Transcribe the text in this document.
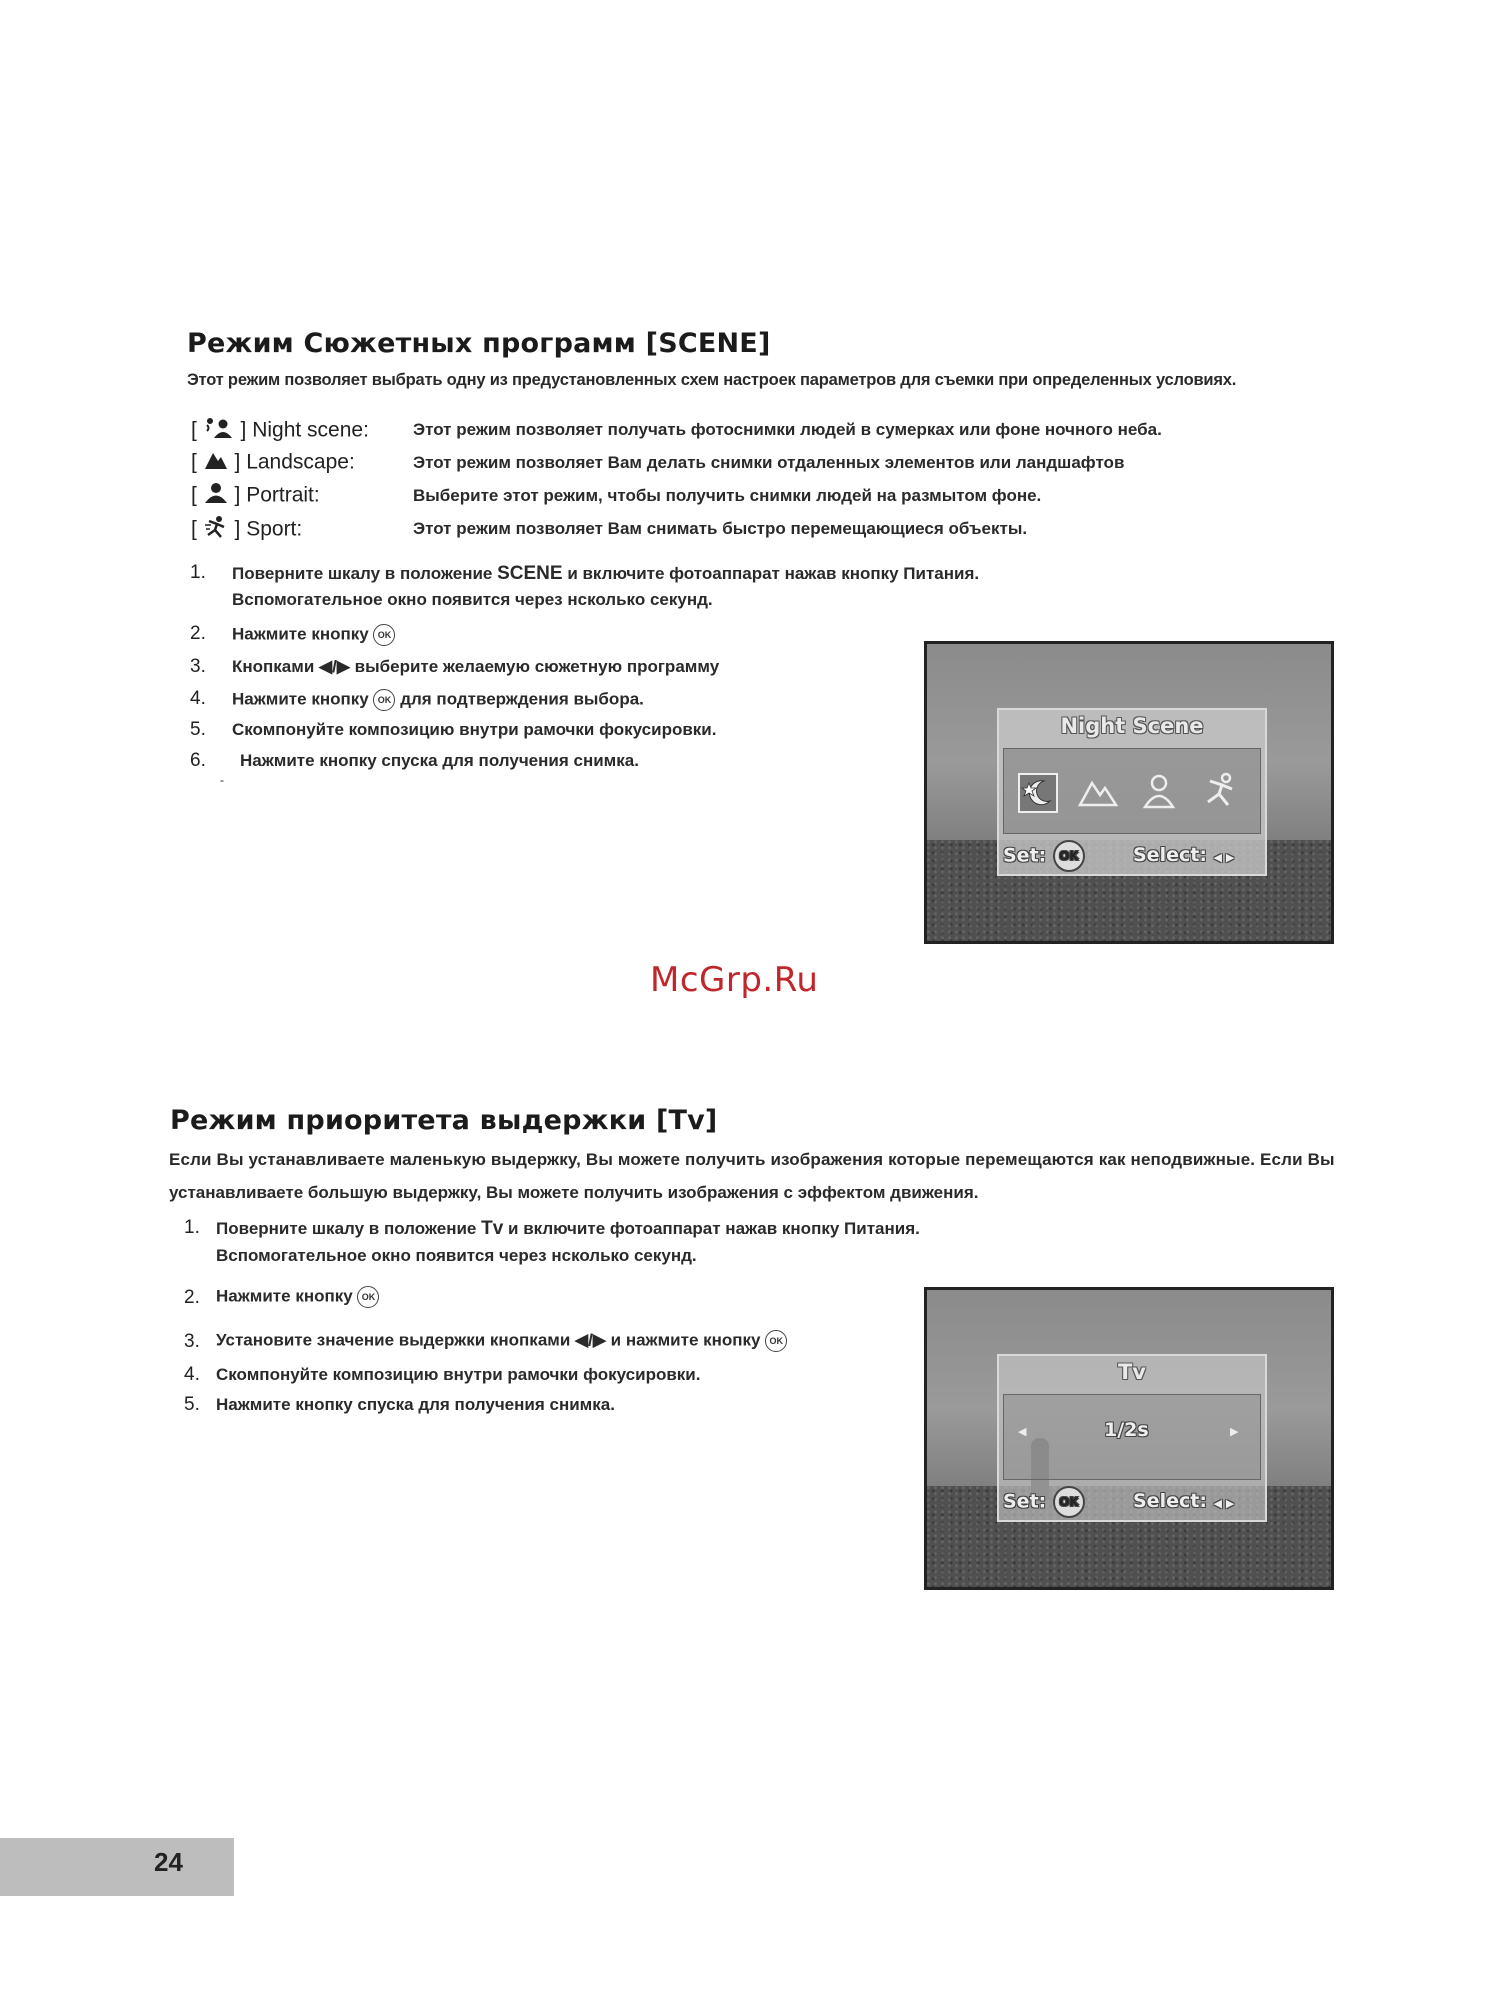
Режим Сюжетных программ [SCENE]
Этот режим позволяет выбрать одну из предустановленных схем настроек параметров для съемки при определенных условиях.
[ ] Night scene:	Этот режим позволяет получать фотоснимки людей в сумерках или фоне ночного неба.
[ ] Landscape:	Этот режим позволяет Вам делать снимки отдаленных элементов или ландшафтов
[ ] Portrait:	Выберите этот режим, чтобы получить снимки людей на размытом фоне.
[ ] Sport:	Этот режим позволяет Вам снимать быстро перемещающиеся объекты.
1. Поверните шкалу в положение SCENE и включите фотоаппарат нажав кнопку Питания.
Вспомогательное окно появится через нсколько секунд.
2. Нажмите кнопку OK
3. Кнопками ◀/▶ выберите желаемую сюжетную программу
4. Нажмите кнопку OK для подтверждения выбора.
5. Скомпонуйте композицию внутри рамочки фокусировки.
6. Нажмите кнопку спуска для получения снимка.
-
Night Scene
Set: OK	Select: ◀ ▶
McGrp.Ru
Режим приоритета выдержки [Tv]
Если Вы устанавливаете маленькую выдержку, Вы можете получить изображения которые перемещаются как неподвижные. Если Вы
устанавливаете большую выдержку, Вы можете получить изображения с эффектом движения.
1. Поверните шкалу в положение Tv и включите фотоаппарат нажав кнопку Питания.
Вспомогательное окно появится через нсколько секунд.
2. Нажмите кнопку OK
3. Установите значение выдержки кнопками ◀/▶ и нажмите кнопку OK
4. Скомпонуйте композицию внутри рамочки фокусировки.
5. Нажмите кнопку спуска для получения снимка.
Tv
◀	1/2s	▶
Set: OK	Select: ◀ ▶
24
